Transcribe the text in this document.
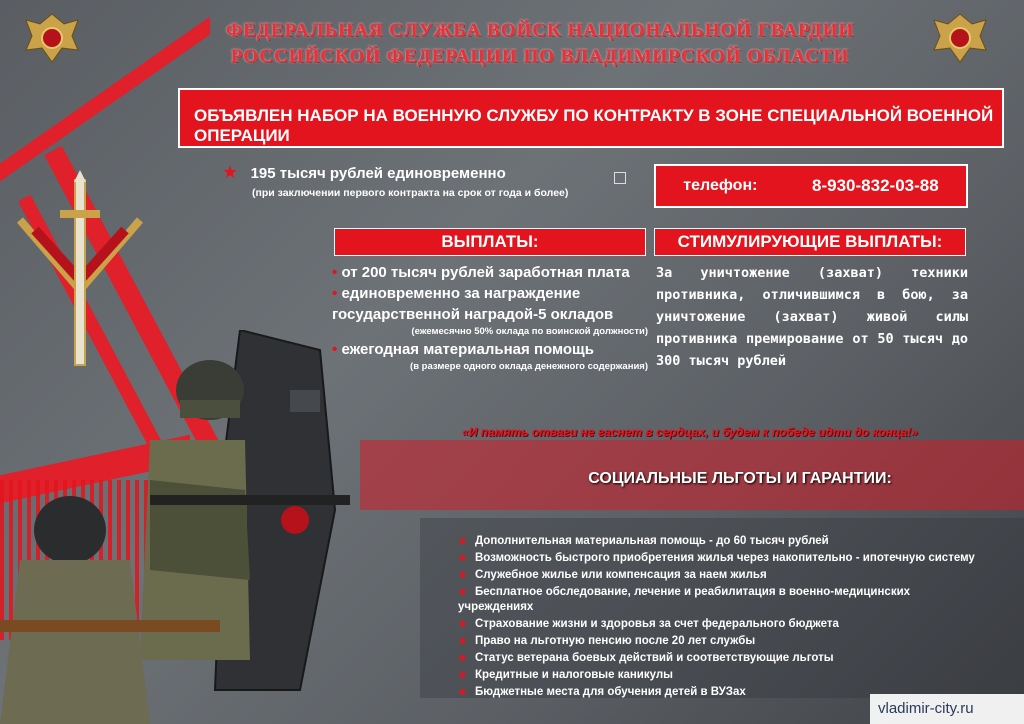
ФЕДЕРАЛЬНАЯ СЛУЖБА ВОЙСК НАЦИОНАЛЬНОЙ ГВАРДИИ
РОССИЙСКОЙ ФЕДЕРАЦИИ ПО ВЛАДИМИРСКОЙ ОБЛАСТИ
ОБЪЯВЛЕН НАБОР НА ВОЕННУЮ СЛУЖБУ ПО КОНТРАКТУ В ЗОНЕ СПЕЦИАЛЬНОЙ ВОЕННОЙ ОПЕРАЦИИ
★ 195 тысяч рублей единовременно
(при заключении первого контракта на срок от года и более)	телефон:	8-930-832-03-88
ВЫПЛАТЫ:
• от 200 тысяч рублей заработная плата
• единовременно за награждение государственной наградой-5 окладов
(ежемесячно 50% оклада по воинской должности)
• ежегодная материальная помощь
(в размере одного оклада денежного содержания)
СТИМУЛИРУЮЩИЕ ВЫПЛАТЫ:
За уничтожение (захват) техники противника, отличившимся в бою, за уничтожение (захват) живой силы противника премирование от 50 тысяч до 300 тысяч рублей
«И память отваги не гаснет в сердцах, и будем к победе идти до конца!»
СОЦИАЛЬНЫЕ ЛЬГОТЫ И ГАРАНТИИ:
★ Дополнительная материальная помощь - до 60 тысяч рублей
★ Возможность быстрого приобретения жилья через накопительно - ипотечную систему
★ Служебное жилье или компенсация за наем жилья
★ Бесплатное обследование, лечение и реабилитация в военно-медицинских учреждениях
★ Страхование жизни и здоровья за счет федерального бюджета
★ Право на льготную пенсию после 20 лет службы
★ Статус ветерана боевых действий и соответствующие льготы
★ Кредитные и налоговые каникулы
★ Бюджетные места для обучения детей в ВУЗах
vladimir-city.ru
